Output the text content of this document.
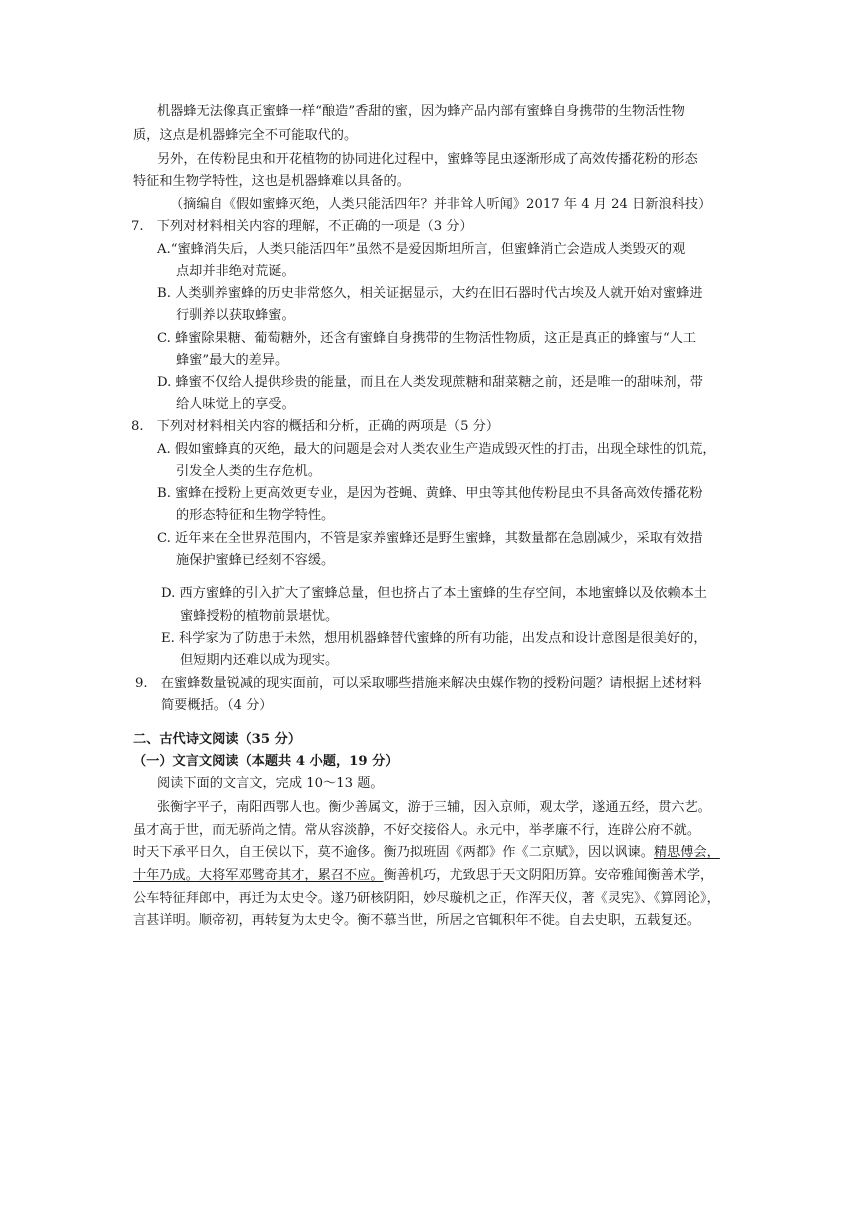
机器蜂无法像真正蜜蜂一样“酿造”香甜的蜜，因为蜂产品内部有蜜蜂自身携带的生物活性物

质，这点是机器蜂完全不可能取代的。

另外，在传粉昆虫和开花植物的协同进化过程中，蜜蜂等昆虫逐渐形成了高效传播花粉的形态

特征和生物学特性，这也是机器蜂难以具备的。

（摘编自《假如蜜蜂灭绝，人类只能活四年？并非耸人听闻》2017 年 4 月 24 日新浪科技）

7.　下列对材料相关内容的理解，不正确的一项是（3 分）

A.“蜜蜂消失后，人类只能活四年”虽然不是爱因斯坦所言，但蜜蜂消亡会造成人类毁灭的观

点却并非绝对荒诞。

B. 人类驯养蜜蜂的历史非常悠久，相关证据显示，大约在旧石器时代古埃及人就开始对蜜蜂进

行驯养以获取蜂蜜。

C. 蜂蜜除果糖、葡萄糖外，还含有蜜蜂自身携带的生物活性物质，这正是真正的蜂蜜与“人工

蜂蜜”最大的差异。

D. 蜂蜜不仅给人提供珍贵的能量，而且在人类发现蔗糖和甜菜糖之前，还是唯一的甜味剂，带

给人味觉上的享受。

8.　下列对材料相关内容的概括和分析，正确的两项是（5 分）

A. 假如蜜蜂真的灭绝，最大的问题是会对人类农业生产造成毁灭性的打击，出现全球性的饥荒，

引发全人类的生存危机。

B. 蜜蜂在授粉上更高效更专业，是因为苍蝇、黄蜂、甲虫等其他传粉昆虫不具备高效传播花粉

的形态特征和生物学特性。

C. 近年来在全世界范围内，不管是家养蜜蜂还是野生蜜蜂，其数量都在急剧减少，采取有效措

施保护蜜蜂已经刻不容缓。

D. 西方蜜蜂的引入扩大了蜜蜂总量，但也挤占了本土蜜蜂的生存空间，本地蜜蜂以及依赖本土

蜜蜂授粉的植物前景堪忧。

E. 科学家为了防患于未然，想用机器蜂替代蜜蜂的所有功能，出发点和设计意图是很美好的，

但短期内还难以成为现实。

9.　在蜜蜂数量锐减的现实面前，可以采取哪些措施来解决虫媒作物的授粉问题？请根据上述材料

简要概括。（4 分）

二、古代诗文阅读（35 分）

（一）文言文阅读（本题共 4 小题，19 分）

阅读下面的文言文，完成 10～13 题。

张衡字平子，南阳西鄂人也。衡少善属文，游于三辅，因入京师，观太学，遂通五经，贯六艺。

虽才高于世，而无骄尚之情。常从容淡静，不好交接俗人。永元中，举孝廉不行，连辟公府不就。

时天下承平日久，自王侯以下，莫不逾侈。衡乃拟班固《两都》作《二京赋》，因以讽谏。精思傅会，

十年乃成。大将军邓骘奇其才，累召不应。衡善机巧，尤致思于天文阴阳历算。安帝雅闻衡善术学，

公车特征拜郎中，再迁为太史令。遂乃研核阴阳，妙尽璇机之正，作浑天仪，著《灵宪》、《算罔论》，

言甚详明。顺帝初，再转复为太史令。衡不慕当世，所居之官辄积年不徙。自去史职，五载复还。
